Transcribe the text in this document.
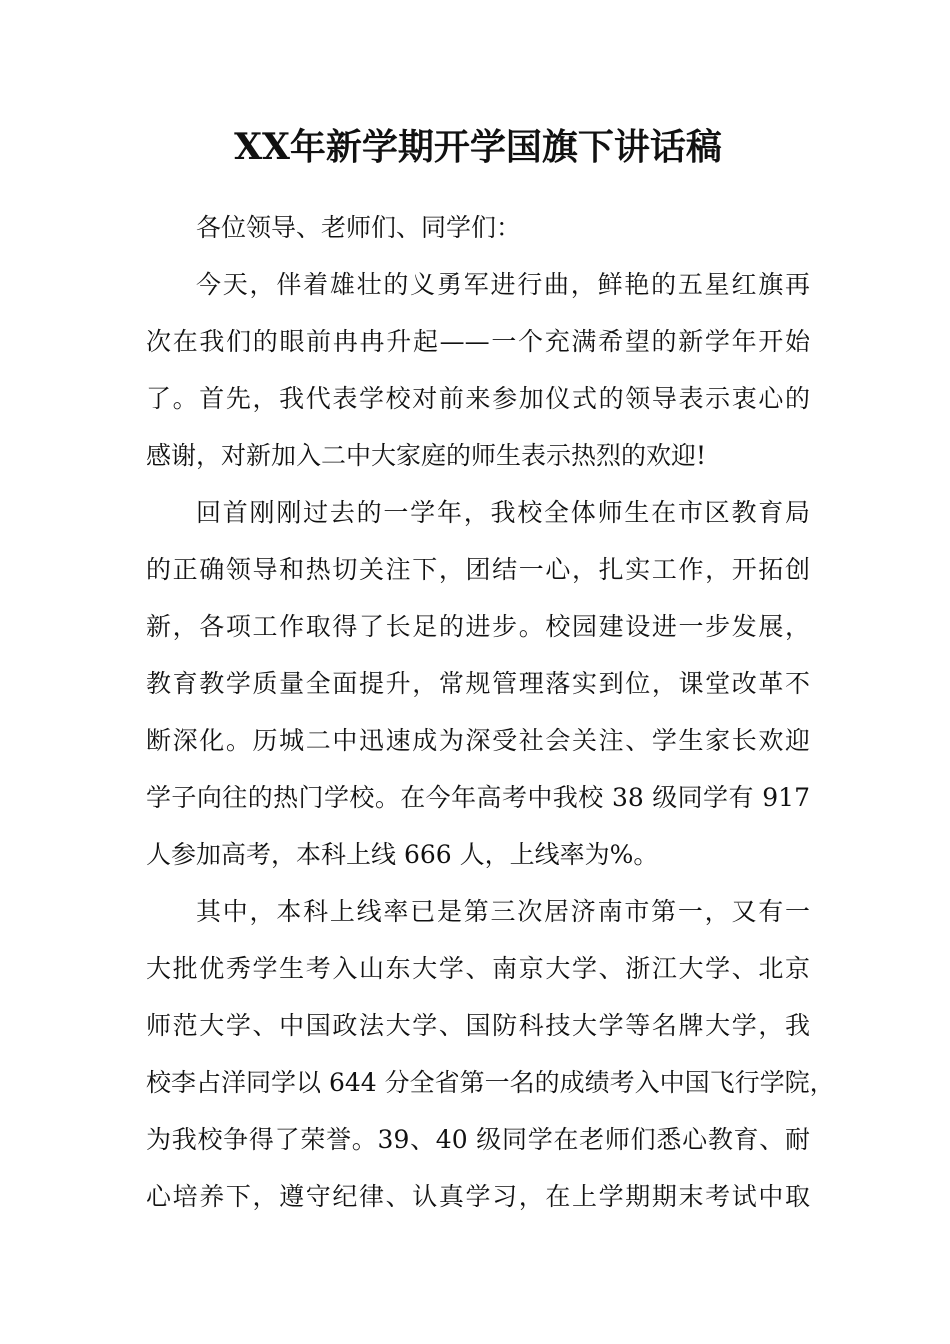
XX年新学期开学国旗下讲话稿

各位领导、老师们、同学们：

今天，伴着雄壮的义勇军进行曲，鲜艳的五星红旗再
次在我们的眼前冉冉升起——一个充满希望的新学年开始
了。首先，我代表学校对前来参加仪式的领导表示衷心的
感谢，对新加入二中大家庭的师生表示热烈的欢迎!

回首刚刚过去的一学年，我校全体师生在市区教育局
的正确领导和热切关注下，团结一心，扎实工作，开拓创
新，各项工作取得了长足的进步。校园建设进一步发展，
教育教学质量全面提升，常规管理落实到位，课堂改革不
断深化。历城二中迅速成为深受社会关注、学生家长欢迎
学子向往的热门学校。在今年高考中我校 38 级同学有 917
人参加高考，本科上线 666 人，上线率为%。

其中，本科上线率已是第三次居济南市第一，又有一
大批优秀学生考入山东大学、南京大学、浙江大学、北京
师范大学、中国政法大学、国防科技大学等名牌大学，我
校李占洋同学以 644 分全省第一名的成绩考入中国飞行学院，
为我校争得了荣誉。39、40 级同学在老师们悉心教育、耐
心培养下，遵守纪律、认真学习，在上学期期末考试中取
